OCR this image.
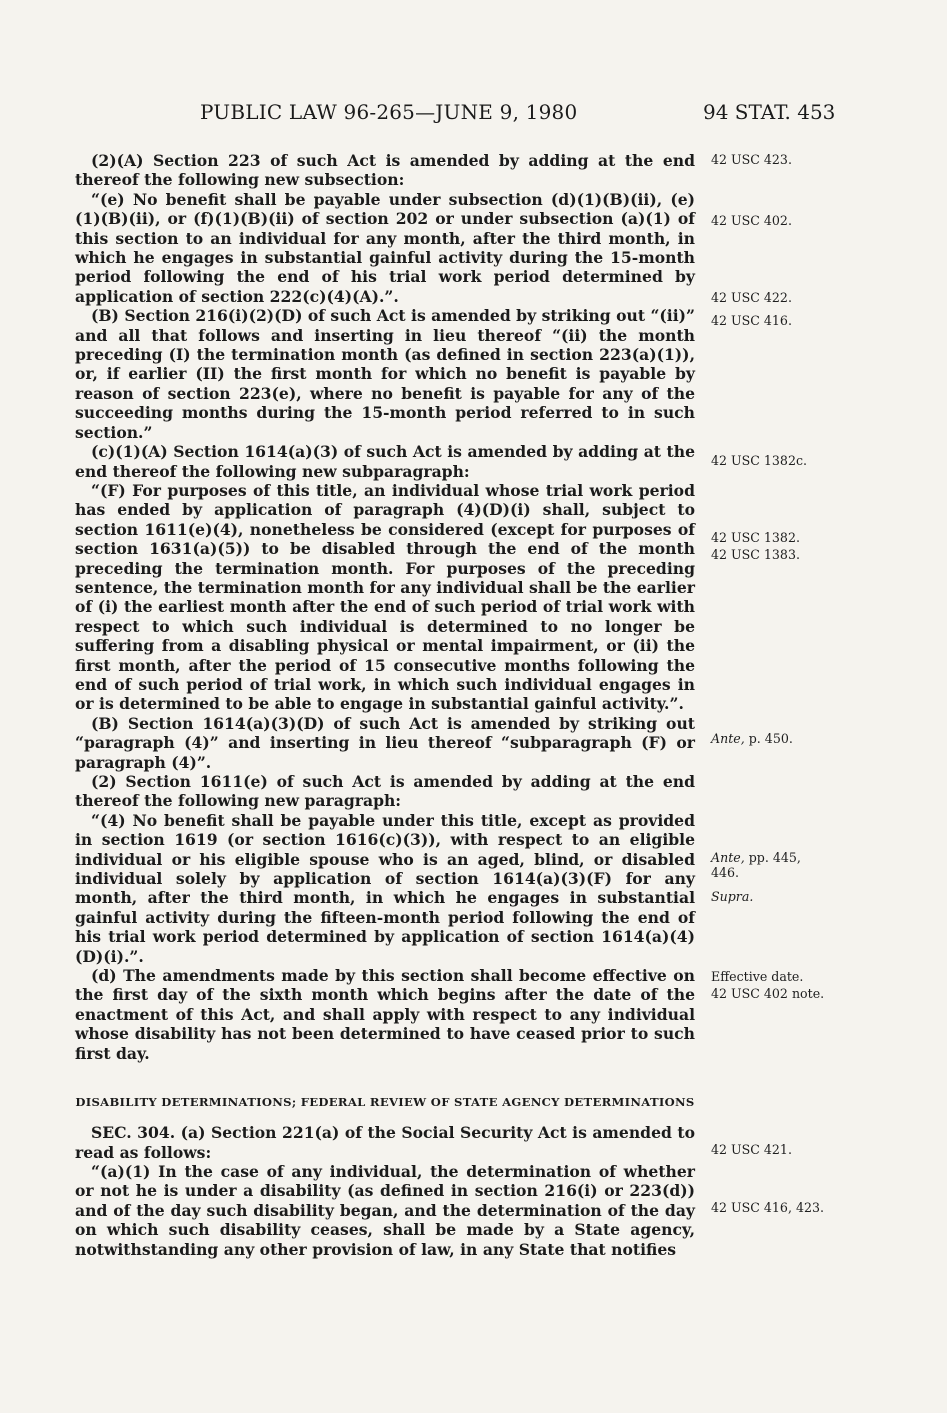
PUBLIC LAW 96-265—JUNE 9, 1980	94 STAT. 453

(2)(A) Section 223 of such Act is amended by adding at the end thereof the following new subsection:

“(e) No benefit shall be payable under subsection (d)(1)(B)(ii), (e)(1)(B)(ii), or (f)(1)(B)(ii) of section 202 or under subsection (a)(1) of this section to an individual for any month, after the third month, in which he engages in substantial gainful activity during the 15-month period following the end of his trial work period determined by application of section 222(c)(4)(A).”.

(B) Section 216(i)(2)(D) of such Act is amended by striking out “(ii)” and all that follows and inserting in lieu thereof “(ii) the month preceding (I) the termination month (as defined in section 223(a)(1)), or, if earlier (II) the first month for which no benefit is payable by reason of section 223(e), where no benefit is payable for any of the succeeding months during the 15-month period referred to in such section.”

(c)(1)(A) Section 1614(a)(3) of such Act is amended by adding at the end thereof the following new subparagraph:

“(F) For purposes of this title, an individual whose trial work period has ended by application of paragraph (4)(D)(i) shall, subject to section 1611(e)(4), nonetheless be considered (except for purposes of section 1631(a)(5)) to be disabled through the end of the month preceding the termination month. For purposes of the preceding sentence, the termination month for any individual shall be the earlier of (i) the earliest month after the end of such period of trial work with respect to which such individual is determined to no longer be suffering from a disabling physical or mental impairment, or (ii) the first month, after the period of 15 consecutive months following the end of such period of trial work, in which such individual engages in or is determined to be able to engage in substantial gainful activity.”.

(B) Section 1614(a)(3)(D) of such Act is amended by striking out “paragraph (4)” and inserting in lieu thereof “subparagraph (F) or paragraph (4)”.

(2) Section 1611(e) of such Act is amended by adding at the end thereof the following new paragraph:

“(4) No benefit shall be payable under this title, except as provided in section 1619 (or section 1616(c)(3)), with respect to an eligible individual or his eligible spouse who is an aged, blind, or disabled individual solely by application of section 1614(a)(3)(F) for any month, after the third month, in which he engages in substantial gainful activity during the fifteen-month period following the end of his trial work period determined by application of section 1614(a)(4)(D)(i).”.

(d) The amendments made by this section shall become effective on the first day of the sixth month which begins after the date of the enactment of this Act, and shall apply with respect to any individual whose disability has not been determined to have ceased prior to such first day.

DISABILITY DETERMINATIONS; FEDERAL REVIEW OF STATE AGENCY DETERMINATIONS

SEC. 304. (a) Section 221(a) of the Social Security Act is amended to read as follows:

“(a)(1) In the case of any individual, the determination of whether or not he is under a disability (as defined in section 216(i) or 223(d)) and of the day such disability began, and the determination of the day on which such disability ceases, shall be made by a State agency, notwithstanding any other provision of law, in any State that notifies

42 USC 423.
42 USC 402.
42 USC 422.
42 USC 416.
42 USC 1382c.
42 USC 1382.
42 USC 1383.
Ante, p. 450.
Ante, pp. 445, 446.
Supra.
Effective date.
42 USC 402 note.
42 USC 421.
42 USC 416, 423.
